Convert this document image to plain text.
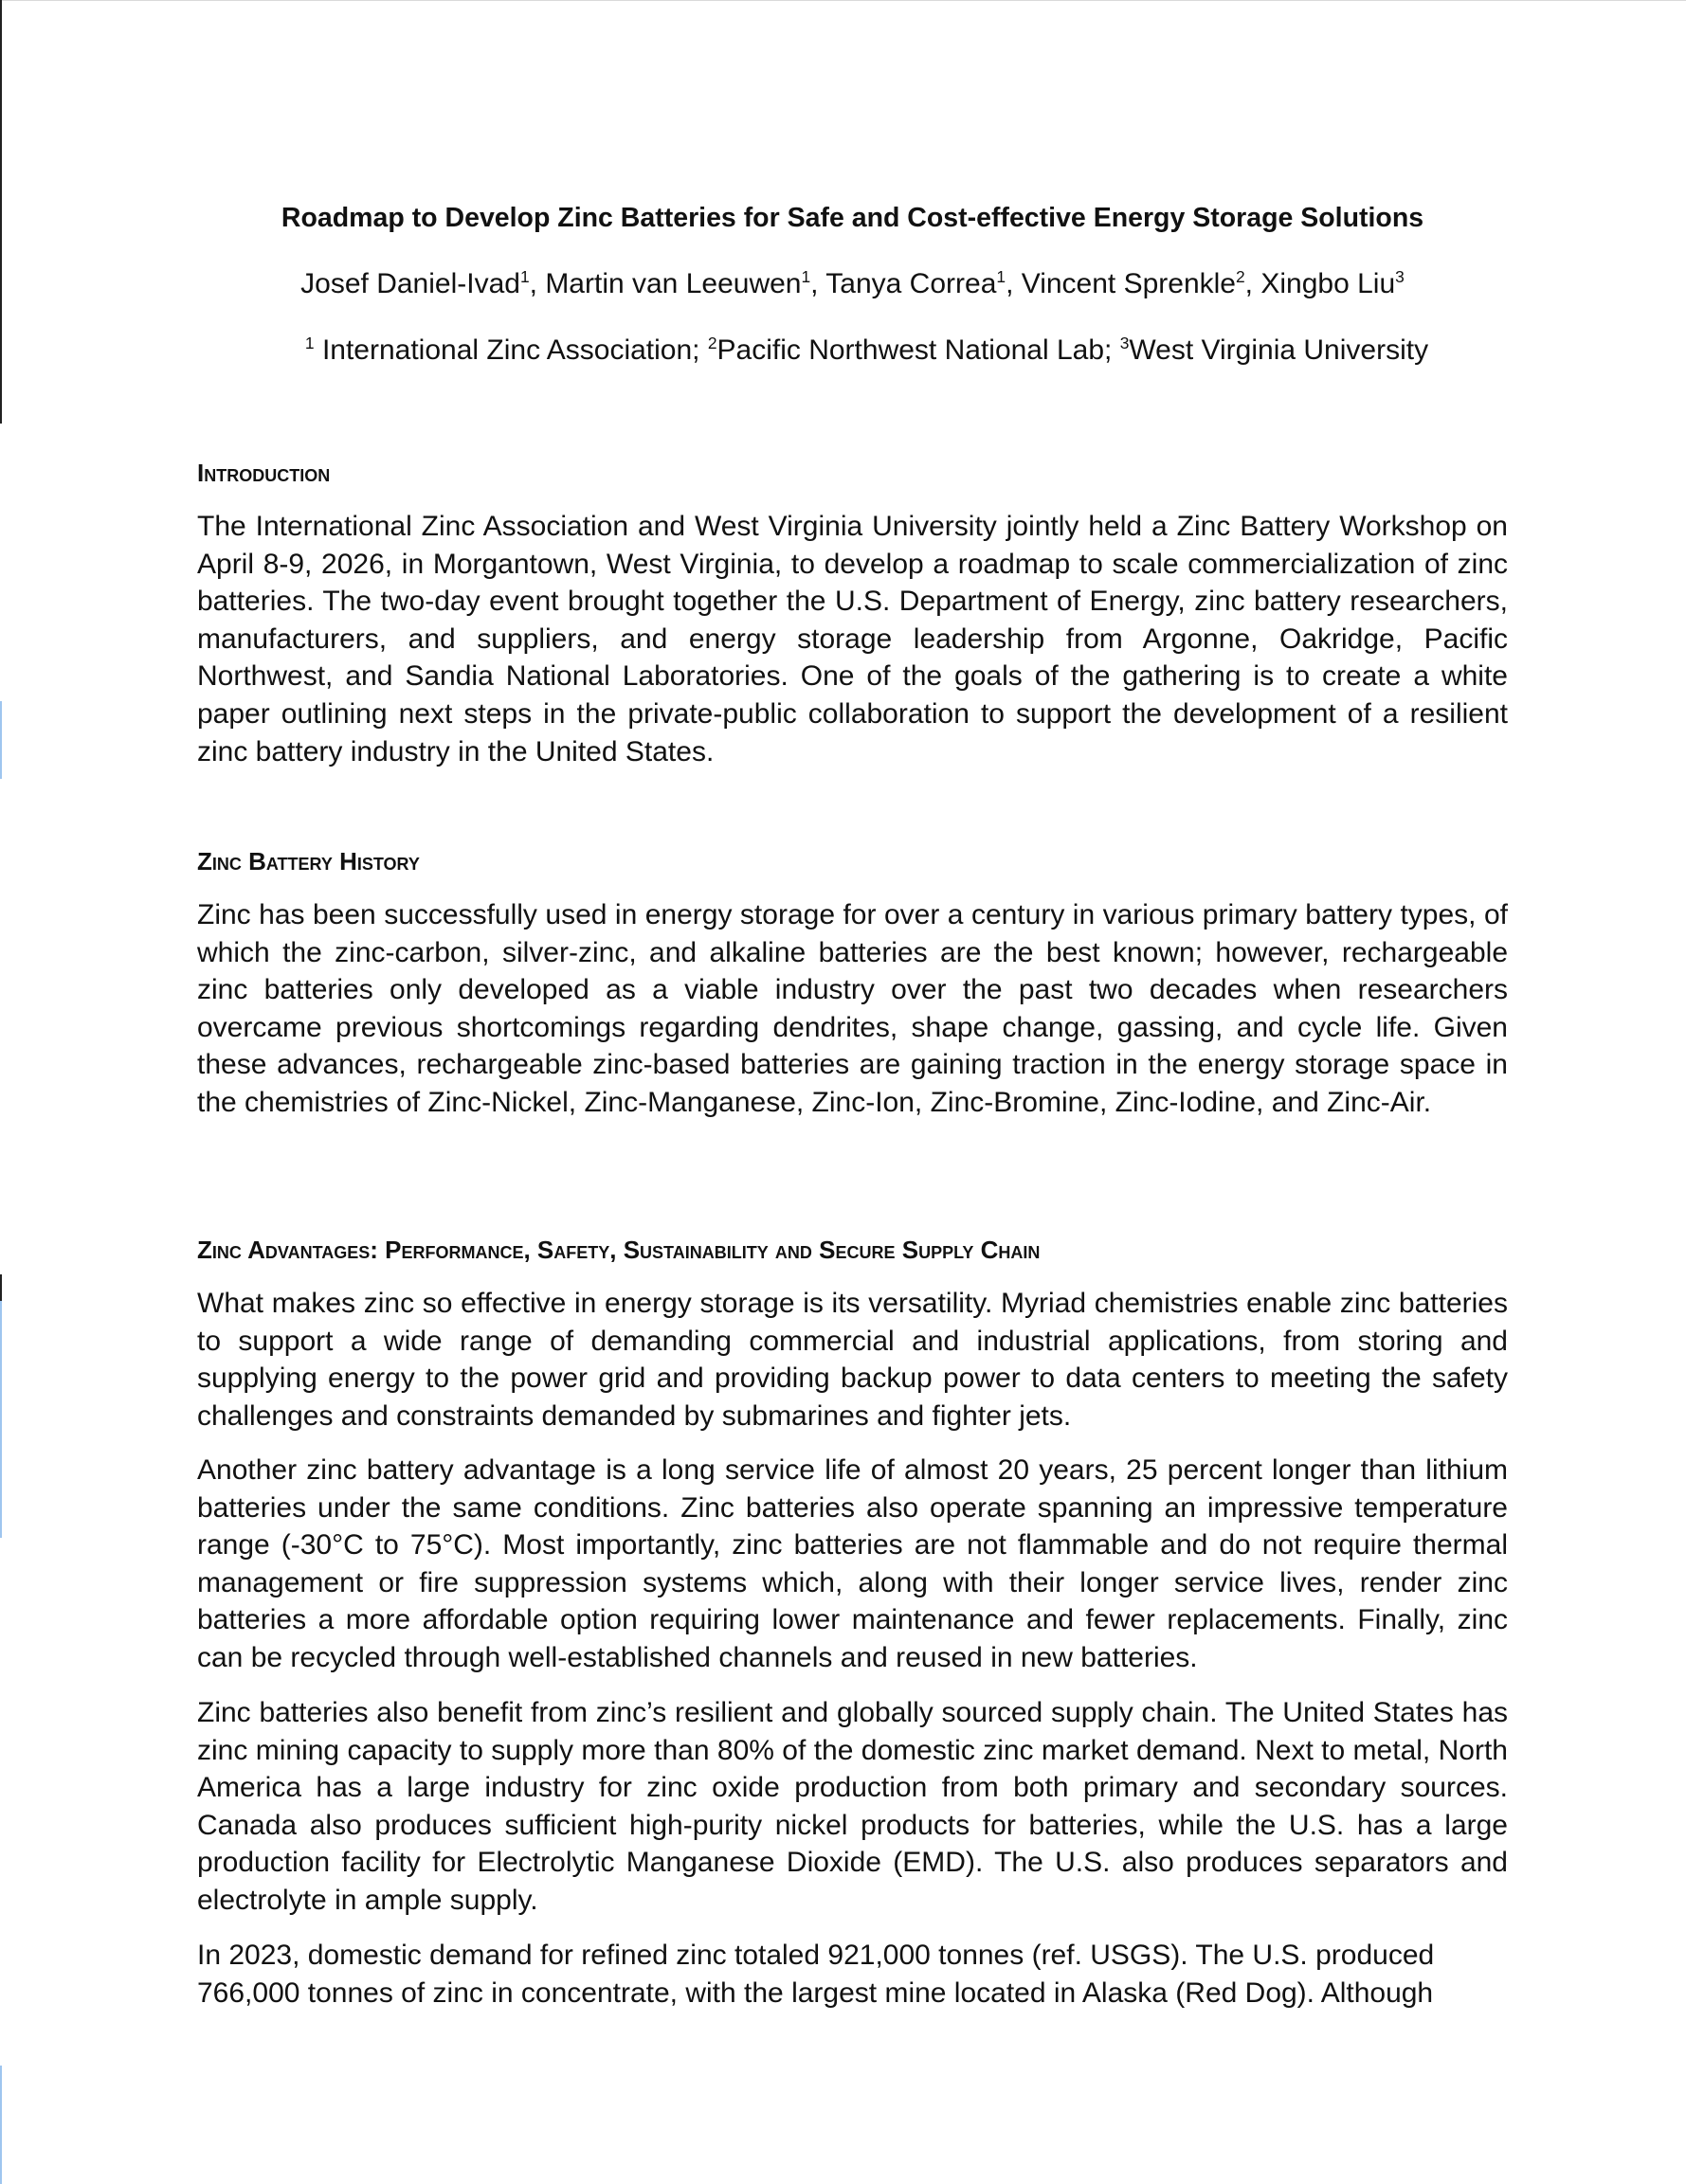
Roadmap to Develop Zinc Batteries for Safe and Cost-effective Energy Storage Solutions
Josef Daniel-Ivad$^1$, Martin van Leeuwen$^1$, Tanya Correa$^1$, Vincent Sprenkle$^2$, Xingbo Liu$^3$
$^1$ International Zinc Association; $^2$Pacific Northwest National Lab; $^3$West Virginia University
Introduction
The International Zinc Association and West Virginia University jointly held a Zinc Battery Workshop on April 8-9, 2026, in Morgantown, West Virginia, to develop a roadmap to scale commercialization of zinc batteries. The two-day event brought together the U.S. Department of Energy, zinc battery researchers, manufacturers, and suppliers, and energy storage leadership from Argonne, Oakridge, Pacific Northwest, and Sandia National Laboratories. One of the goals of the gathering is to create a white paper outlining next steps in the private-public collaboration to support the development of a resilient zinc battery industry in the United States.
Zinc Battery History
Zinc has been successfully used in energy storage for over a century in various primary battery types, of which the zinc-carbon, silver-zinc, and alkaline batteries are the best known; however, rechargeable zinc batteries only developed as a viable industry over the past two decades when researchers overcame previous shortcomings regarding dendrites, shape change, gassing, and cycle life. Given these advances, rechargeable zinc-based batteries are gaining traction in the energy storage space in the chemistries of Zinc-Nickel, Zinc-Manganese, Zinc-Ion, Zinc-Bromine, Zinc-Iodine, and Zinc-Air.
Zinc Advantages: Performance, Safety, Sustainability and Secure Supply Chain
What makes zinc so effective in energy storage is its versatility. Myriad chemistries enable zinc batteries to support a wide range of demanding commercial and industrial applications, from storing and supplying energy to the power grid and providing backup power to data centers to meeting the safety challenges and constraints demanded by submarines and fighter jets.
Another zinc battery advantage is a long service life of almost 20 years, 25 percent longer than lithium batteries under the same conditions. Zinc batteries also operate spanning an impressive temperature range (-30°C to 75°C). Most importantly, zinc batteries are not flammable and do not require thermal management or fire suppression systems which, along with their longer service lives, render zinc batteries a more affordable option requiring lower maintenance and fewer replacements. Finally, zinc can be recycled through well-established channels and reused in new batteries.
Zinc batteries also benefit from zinc’s resilient and globally sourced supply chain. The United States has zinc mining capacity to supply more than 80% of the domestic zinc market demand. Next to metal, North America has a large industry for zinc oxide production from both primary and secondary sources. Canada also produces sufficient high-purity nickel products for batteries, while the U.S. has a large production facility for Electrolytic Manganese Dioxide (EMD). The U.S. also produces separators and electrolyte in ample supply.
In 2023, domestic demand for refined zinc totaled 921,000 tonnes (ref. USGS). The U.S. produced 766,000 tonnes of zinc in concentrate, with the largest mine located in Alaska (Red Dog). Although
